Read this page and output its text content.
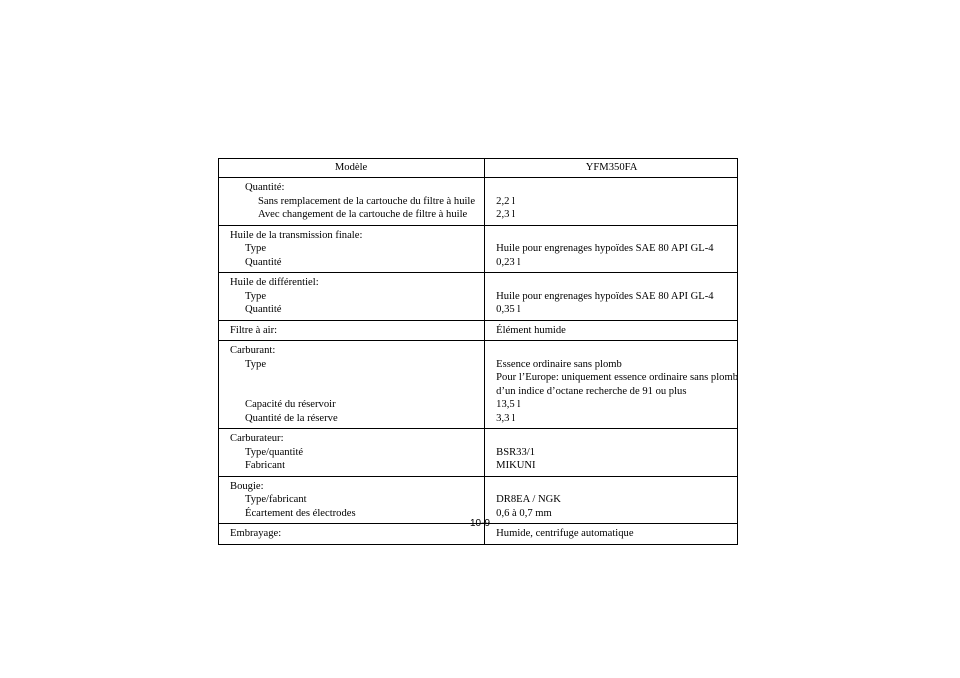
Modèle	YFM350FA

Quantité:	
Sans remplacement de la cartouche du filtre à huile	2,2 l
Avec changement de la cartouche de filtre à huile	2,3 l

Huile de la transmission finale:	
Type	Huile pour engrenages hypoïdes SAE 80 API GL-4
Quantité	0,23 l

Huile de différentiel:	
Type	Huile pour engrenages hypoïdes SAE 80 API GL-4
Quantité	0,35 l

Filtre à air:	Élément humide

Carburant:	
Type	Essence ordinaire sans plomb
	Pour l’Europe: uniquement essence ordinaire sans plomb
	d’un indice d’octane recherche de 91 ou plus
Capacité du réservoir	13,5 l
Quantité de la réserve	3,3 l

Carburateur:	
Type/quantité	BSR33/1
Fabricant	MIKUNI

Bougie:	
Type/fabricant	DR8EA / NGK
Écartement des électrodes	0,6 à 0,7 mm

Embrayage:	Humide, centrifuge automatique

10-9
